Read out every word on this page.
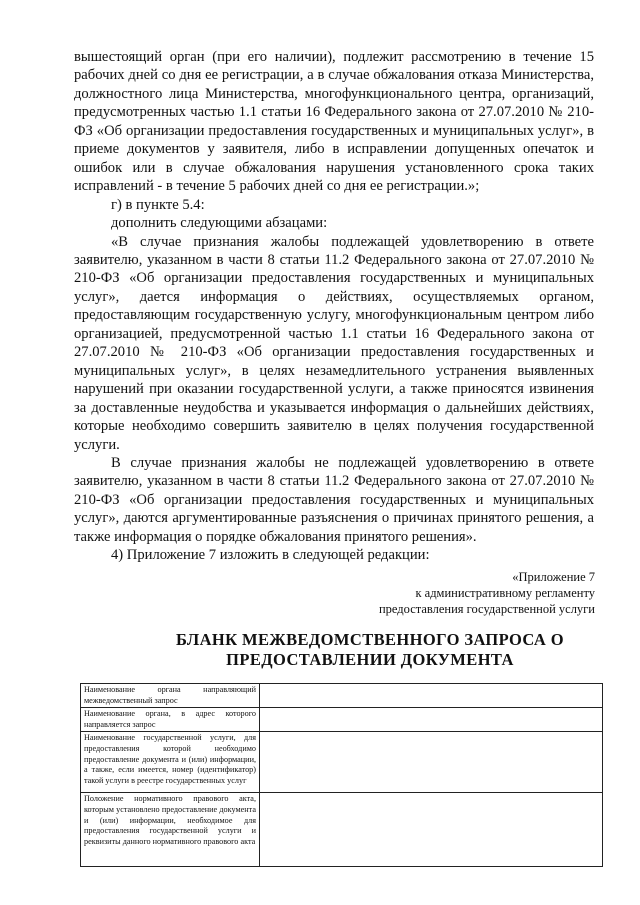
вышестоящий орган (при его наличии), подлежит рассмотрению в течение 15 рабочих дней со дня ее регистрации, а в случае обжалования отказа Министерства, должностного лица Министерства, многофункционального центра, организаций, предусмотренных частью 1.1 статьи 16 Федерального закона от 27.07.2010 № 210-ФЗ «Об организации предоставления государственных и муниципальных услуг», в приеме документов у заявителя, либо в исправлении допущенных опечаток и ошибок или в случае обжалования нарушения установленного срока таких исправлений - в течение 5 рабочих дней со дня ее регистрации.»;

г) в пункте 5.4:

дополнить следующими абзацами:

«В случае признания жалобы подлежащей удовлетворению в ответе заявителю, указанном в части 8 статьи 11.2 Федерального закона от 27.07.2010 № 210-ФЗ «Об организации предоставления государственных и муниципальных услуг», дается информация о действиях, осуществляемых органом, предоставляющим государственную услугу, многофункциональным центром либо организацией, предусмотренной частью 1.1 статьи 16 Федерального закона от 27.07.2010 № 210-ФЗ «Об организации предоставления государственных и муниципальных услуг», в целях незамедлительного устранения выявленных нарушений при оказании государственной услуги, а также приносятся извинения за доставленные неудобства и указывается информация о дальнейших действиях, которые необходимо совершить заявителю в целях получения государственной услуги.

В случае признания жалобы не подлежащей удовлетворению в ответе заявителю, указанном в части 8 статьи 11.2 Федерального закона от 27.07.2010 № 210-ФЗ «Об организации предоставления государственных и муниципальных услуг», даются аргументированные разъяснения о причинах принятого решения, а также информация о порядке обжалования принятого решения».

4) Приложение 7 изложить в следующей редакции:

«Приложение 7
к административному регламенту
предоставления государственной услуги
БЛАНК МЕЖВЕДОМСТВЕННОГО ЗАПРОСА О
ПРЕДОСТАВЛЕНИИ ДОКУМЕНТА
Наименование органа направляющий межведомственный запрос	

Наименование органа, в адрес которого направляется запрос	

Наименование государственной услуги, для предоставления которой необходимо предоставление документа и (или) информации, а также, если имеется, номер (идентификатор) такой услуги в реестре государственных услуг	

Положение нормативного правового акта, которым установлено предоставление документа и (или) информации, необходимое для предоставления государственной услуги и реквизиты данного нормативного правового акта	
